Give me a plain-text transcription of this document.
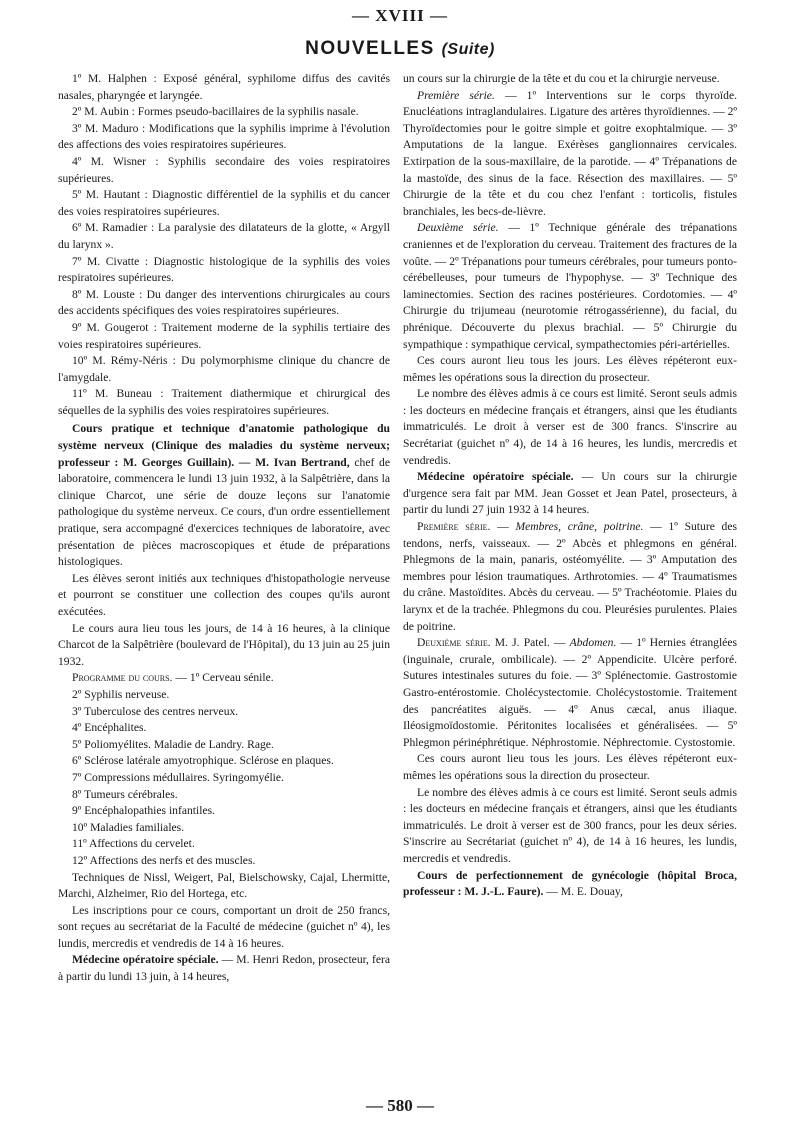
— XVIII —
NOUVELLES (Suite)

1º M. Halphen : Exposé général, syphilome diffus des cavités nasales, pharyngée et laryngée.

2º M. Aubin : Formes pseudo-bacillaires de la syphilis nasale.

3º M. Maduro : Modifications que la syphilis imprime à l'évolution des affections des voies respiratoires supérieures.

4º M. Wisner : Syphilis secondaire des voies respiratoires supérieures.

5º M. Hautant : Diagnostic différentiel de la syphilis et du cancer des voies respiratoires supérieures.

6º M. Ramadier : La paralysie des dilatateurs de la glotte, « Argyll du larynx ».

7º M. Civatte : Diagnostic histologique de la syphilis des voies respiratoires supérieures.

8º M. Louste : Du danger des interventions chirurgicales au cours des accidents spécifiques des voies respiratoires supérieures.

9º M. Gougerot : Traitement moderne de la syphilis tertiaire des voies respiratoires supérieures.

10º M. Rémy-Néris : Du polymorphisme clinique du chancre de l'amygdale.

11º M. Buneau : Traitement diathermique et chirurgical des séquelles de la syphilis des voies respiratoires supérieures.

Cours pratique et technique d'anatomie pathologique du système nerveux (Clinique des maladies du système nerveux; professeur : M. Georges Guillain). — M. Ivan Bertrand, chef de laboratoire, commencera le lundi 13 juin 1932, à la Salpêtrière, dans la clinique Charcot, une série de douze leçons sur l'anatomie pathologique du système nerveux. Ce cours, d'un ordre essentiellement pratique, sera accompagné d'exercices techniques de laboratoire, avec présentation de pièces macroscopiques et étude de préparations histologiques.

Les élèves seront initiés aux techniques d'histopathologie nerveuse et pourront se constituer une collection des coupes qu'ils auront exécutées.

Le cours aura lieu tous les jours, de 14 à 16 heures, à la clinique Charcot de la Salpêtrière (boulevard de l'Hôpital), du 13 juin au 25 juin 1932.

Programme du cours. — 1º Cerveau sénile.

2º Syphilis nerveuse.

3º Tuberculose des centres nerveux.

4º Encéphalites.

5º Poliomyélites. Maladie de Landry. Rage.

6º Sclérose latérale amyotrophique. Sclérose en plaques.

7º Compressions médullaires. Syringomyélie.

8º Tumeurs cérébrales.

9º Encéphalopathies infantiles.

10º Maladies familiales.

11º Affections du cervelet.

12º Affections des nerfs et des muscles.

Techniques de Nissl, Weigert, Pal, Bielschowsky, Cajal, Lhermitte, Marchi, Alzheimer, Rio del Hortega, etc.

Les inscriptions pour ce cours, comportant un droit de 250 francs, sont reçues au secrétariat de la Faculté de médecine (guichet nº 4), les lundis, mercredis et vendredis de 14 à 16 heures.

Médecine opératoire spéciale. — M. Henri Redon, prosecteur, fera à partir du lundi 13 juin, à 14 heures,

un cours sur la chirurgie de la tête et du cou et la chirurgie nerveuse.

Première série. — 1º Interventions sur le corps thyroïde. Enucléations intraglandulaires. Ligature des artères thyroïdiennes. — 2º Thyroïdectomies pour le goitre simple et goitre exophtalmique. — 3º Amputations de la langue. Exérèses ganglionnaires cervicales. Extirpation de la sous-maxillaire, de la parotide. — 4º Trépanations de la mastoïde, des sinus de la face. Résection des maxillaires. — 5º Chirurgie de la tête et du cou chez l'enfant : torticolis, fistules branchiales, les becs-de-lièvre.

Deuxième série. — 1º Technique générale des trépanations craniennes et de l'exploration du cerveau. Traitement des fractures de la voûte. — 2º Trépanations pour tumeurs cérébrales, pour tumeurs ponto-cérébelleuses, pour tumeurs de l'hypophyse. — 3º Technique des laminectomies. Section des racines postérieures. Cordotomies. — 4º Chirurgie du trijumeau (neurotomie rétrogassérienne), du facial, du phrénique. Découverte du plexus brachial. — 5º Chirurgie du sympathique : sympathique cervical, sympathectomies péri-artérielles.

Ces cours auront lieu tous les jours. Les élèves répéteront eux-mêmes les opérations sous la direction du prosecteur.

Le nombre des élèves admis à ce cours est limité. Seront seuls admis : les docteurs en médecine français et étrangers, ainsi que les étudiants immatriculés. Le droit à verser est de 300 francs. S'inscrire au Secrétariat (guichet nº 4), de 14 à 16 heures, les lundis, mercredis et vendredis.

Médecine opératoire spéciale. — Un cours sur la chirurgie d'urgence sera fait par MM. Jean Gosset et Jean Patel, prosecteurs, à partir du lundi 27 juin 1932 à 14 heures.

Première série. — Membres, crâne, poitrine. — 1º Suture des tendons, nerfs, vaisseaux. — 2º Abcès et phlegmons en général. Phlegmons de la main, panaris, ostéomyélite. — 3º Amputation des membres pour lésion traumatiques. Arthrotomies. — 4º Traumatismes du crâne. Mastoïdites. Abcès du cerveau. — 5º Trachéotomie. Plaies du larynx et de la trachée. Phlegmons du cou. Pleurésies purulentes. Plaies de poitrine.

Deuxième série. M. J. Patel. — Abdomen. — 1º Hernies étranglées (inguinale, crurale, ombilicale). — 2º Appendicite. Ulcère perforé. Sutures intestinales sutures du foie. — 3º Splénectomie. Gastrostomie Gastro-entérostomie. Cholécystectomie. Cholécystostomie. Traitement des pancréatites aiguës. — 4º Anus cæcal, anus iliaque. Iléosigmoïdostomie. Péritonites localisées et généralisées. — 5º Phlegmon périnéphrétique. Néphrostomie. Néphrectomie. Cystostomie.

Ces cours auront lieu tous les jours. Les élèves répéteront eux-mêmes les opérations sous la direction du prosecteur.

Le nombre des élèves admis à ce cours est limité. Seront seuls admis : les docteurs en médecine français et étrangers, ainsi que les étudiants immatriculés. Le droit à verser est de 300 francs, pour les deux séries. S'inscrire au Secrétariat (guichet nº 4), de 14 à 16 heures, les lundis, mercredis et vendredis.

Cours de perfectionnement de gynécologie (hôpital Broca, professeur : M. J.-L. Faure). — M. E. Douay,

— 580 —
